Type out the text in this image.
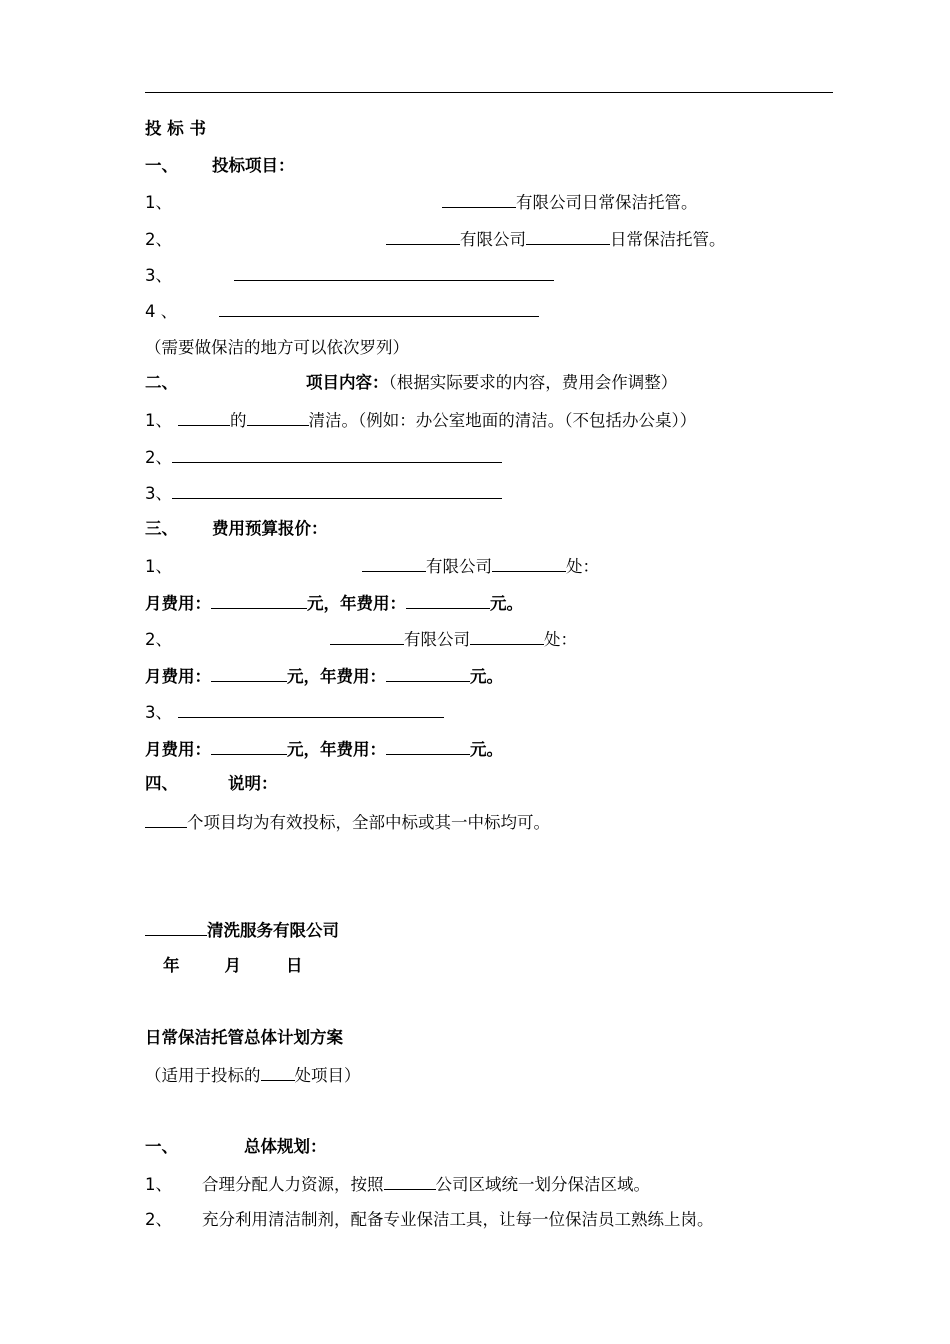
投 标 书
一、 投标项目：
1、	有限公司日常保洁托管。
2、	有限公司	日常保洁托管。
3、
4 、
（需要做保洁的地方可以依次罗列）
二、	项目内容：（根据实际要求的内容，费用会作调整）
1、	的	清洁。（例如：办公室地面的清洁。（不包括办公桌））
2、
3、
三、 费用预算报价：
1、	有限公司	处：
月费用：	元，年费用：	元。
2、	有限公司	处：
月费用：	元，年费用：	元。
3、
月费用：	元，年费用：	元。
四、	说明：
个项目均为有效投标，全部中标或其一中标均可。
清洗服务有限公司
年	月	日
日常保洁托管总体计划方案
（适用于投标的 处项目）
一、	总体规划：
1、 合理分配人力资源，按照	公司区域统一划分保洁区域。
2、 充分利用清洁制剂，配备专业保洁工具，让每一位保洁员工熟练上岗。
